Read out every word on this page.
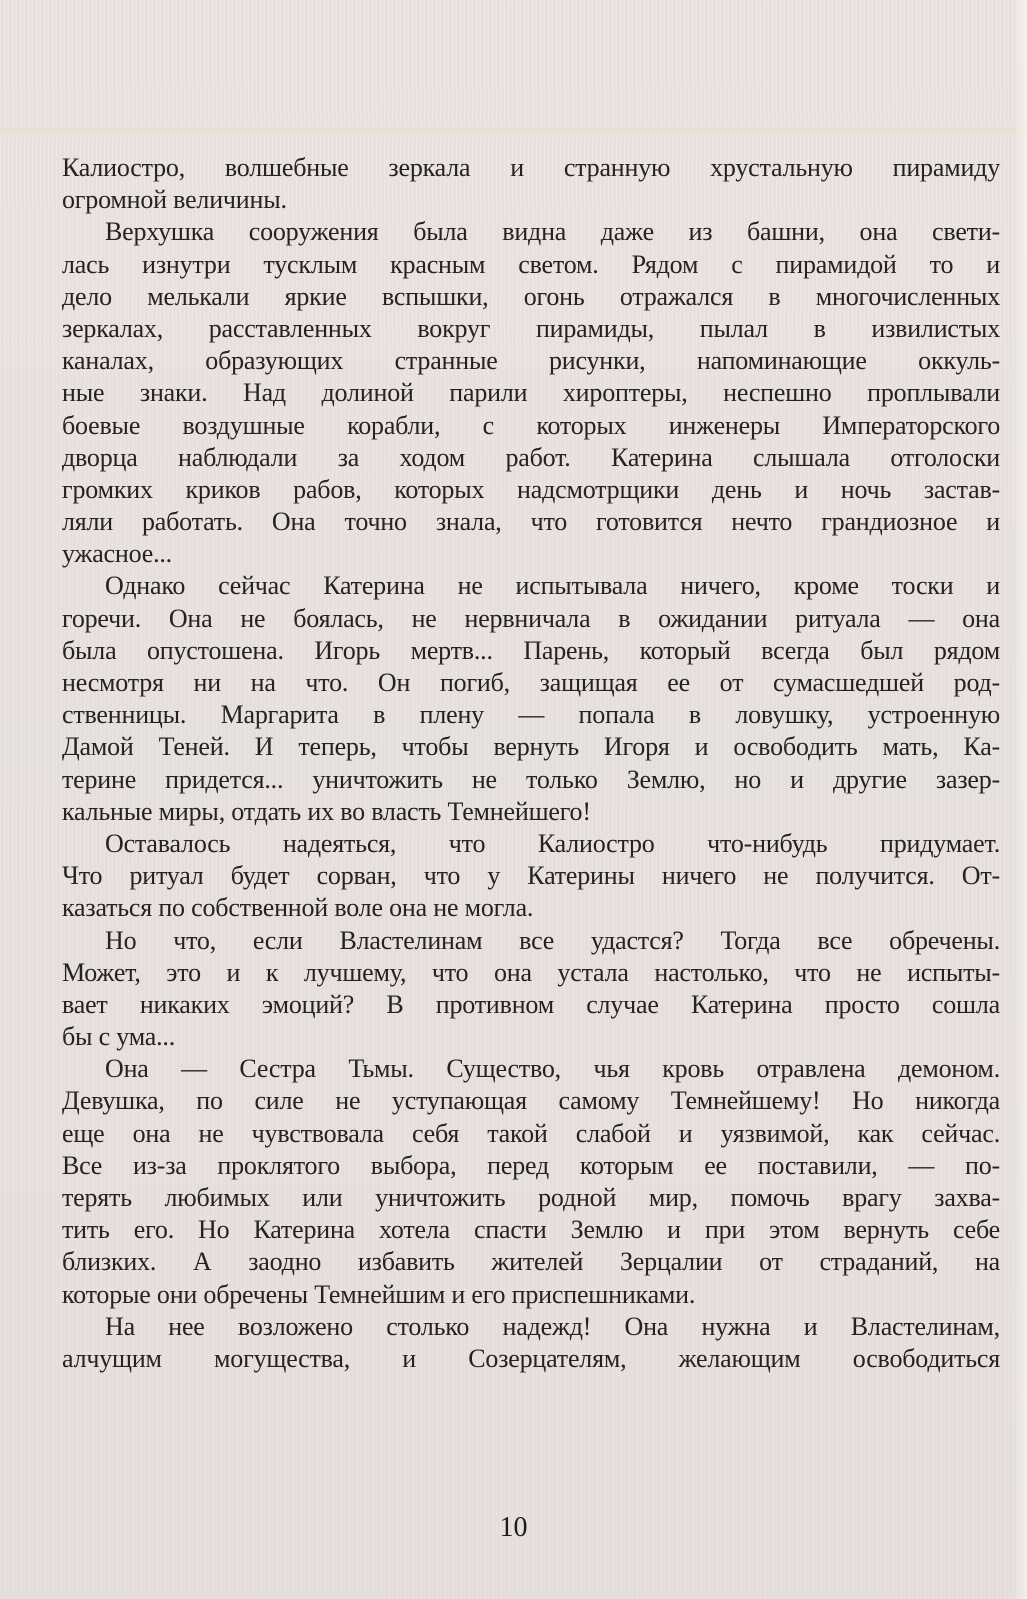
Калиостро, волшебные зеркала и странную хрустальную пирамиду
огромной величины.
Верхушка сооружения была видна даже из башни, она свети-
лась изнутри тусклым красным светом. Рядом с пирамидой то и
дело мелькали яркие вспышки, огонь отражался в многочисленных
зеркалах, расставленных вокруг пирамиды, пылал в извилистых
каналах, образующих странные рисунки, напоминающие оккуль-
ные знаки. Над долиной парили хироптеры, неспешно проплывали
боевые воздушные корабли, с которых инженеры Императорского
дворца наблюдали за ходом работ. Катерина слышала отголоски
громких криков рабов, которых надсмотрщики день и ночь застав-
ляли работать. Она точно знала, что готовится нечто грандиозное и
ужасное...
Однако сейчас Катерина не испытывала ничего, кроме тоски и
горечи. Она не боялась, не нервничала в ожидании ритуала — она
была опустошена. Игорь мертв... Парень, который всегда был рядом
несмотря ни на что. Он погиб, защищая ее от сумасшедшей род-
ственницы. Маргарита в плену — попала в ловушку, устроенную
Дамой Теней. И теперь, чтобы вернуть Игоря и освободить мать, Ка-
терине придется... уничтожить не только Землю, но и другие зазер-
кальные миры, отдать их во власть Темнейшего!
Оставалось надеяться, что Калиостро что-нибудь придумает.
Что ритуал будет сорван, что у Катерины ничего не получится. От-
казаться по собственной воле она не могла.
Но что, если Властелинам все удастся? Тогда все обречены.
Может, это и к лучшему, что она устала настолько, что не испыты-
вает никаких эмоций? В противном случае Катерина просто сошла
бы с ума...
Она — Сестра Тьмы. Существо, чья кровь отравлена демоном.
Девушка, по силе не уступающая самому Темнейшему! Но никогда
еще она не чувствовала себя такой слабой и уязвимой, как сейчас.
Все из-за проклятого выбора, перед которым ее поставили, — по-
терять любимых или уничтожить родной мир, помочь врагу захва-
тить его. Но Катерина хотела спасти Землю и при этом вернуть себе
близких. А заодно избавить жителей Зерцалии от страданий, на
которые они обречены Темнейшим и его приспешниками.
На нее возложено столько надежд! Она нужна и Властелинам,
алчущим могущества, и Созерцателям, желающим освободиться
10
